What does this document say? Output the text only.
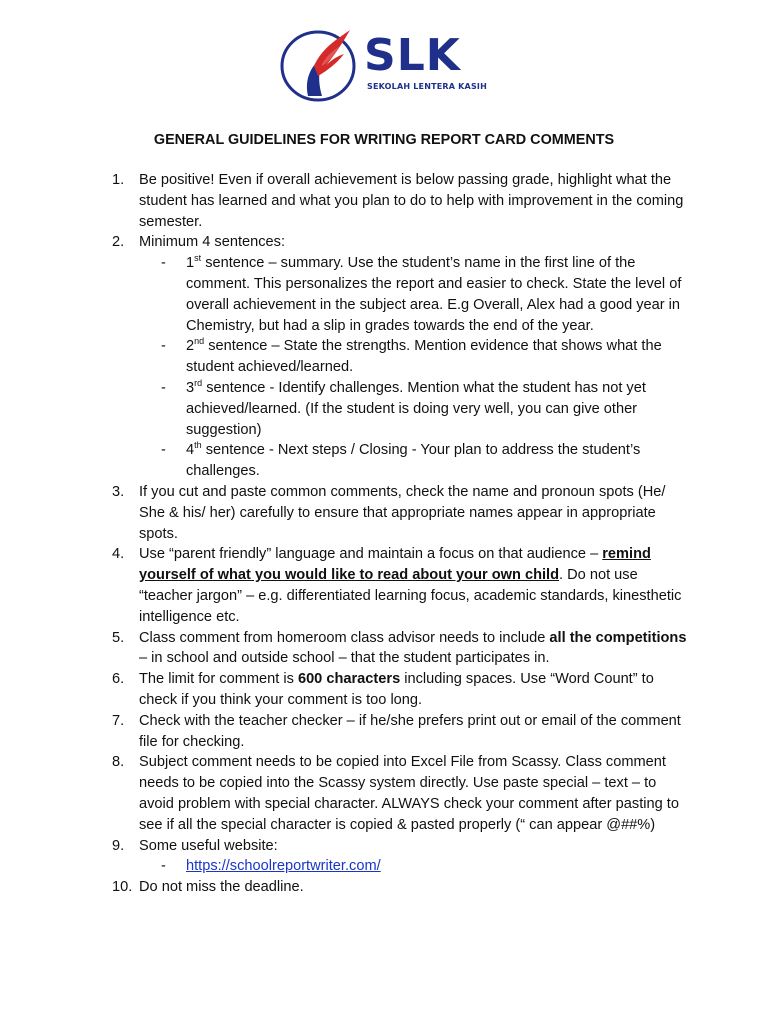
SLK
SEKOLAH LENTERA KASIH
GENERAL GUIDELINES FOR WRITING REPORT CARD COMMENTS
1. Be positive! Even if overall achievement is below passing grade, highlight what the student has learned and what you plan to do to help with improvement in the coming semester.
2. Minimum 4 sentences:
- 1st sentence – summary. Use the student’s name in the first line of the comment. This personalizes the report and easier to check. State the level of overall achievement in the subject area. E.g Overall, Alex had a good year in Chemistry, but had a slip in grades towards the end of the year.
- 2nd sentence – State the strengths. Mention evidence that shows what the student achieved/learned.
- 3rd sentence - Identify challenges. Mention what the student has not yet achieved/learned. (If the student is doing very well, you can give other suggestion)
- 4th sentence - Next steps / Closing - Your plan to address the student’s challenges.
3. If you cut and paste common comments, check the name and pronoun spots (He/ She & his/ her) carefully to ensure that appropriate names appear in appropriate spots.
4. Use “parent friendly” language and maintain a focus on that audience – remind yourself of what you would like to read about your own child. Do not use “teacher jargon” – e.g. differentiated learning focus, academic standards, kinesthetic intelligence etc.
5. Class comment from homeroom class advisor needs to include all the competitions – in school and outside school – that the student participates in.
6. The limit for comment is 600 characters including spaces. Use “Word Count” to check if you think your comment is too long.
7. Check with the teacher checker – if he/she prefers print out or email of the comment file for checking.
8. Subject comment needs to be copied into Excel File from Scassy. Class comment needs to be copied into the Scassy system directly. Use paste special – text – to avoid problem with special character. ALWAYS check your comment after pasting to see if all the special character is copied & pasted properly (“ can appear @##%)
9. Some useful website:
- https://schoolreportwriter.com/
10. Do not miss the deadline.
